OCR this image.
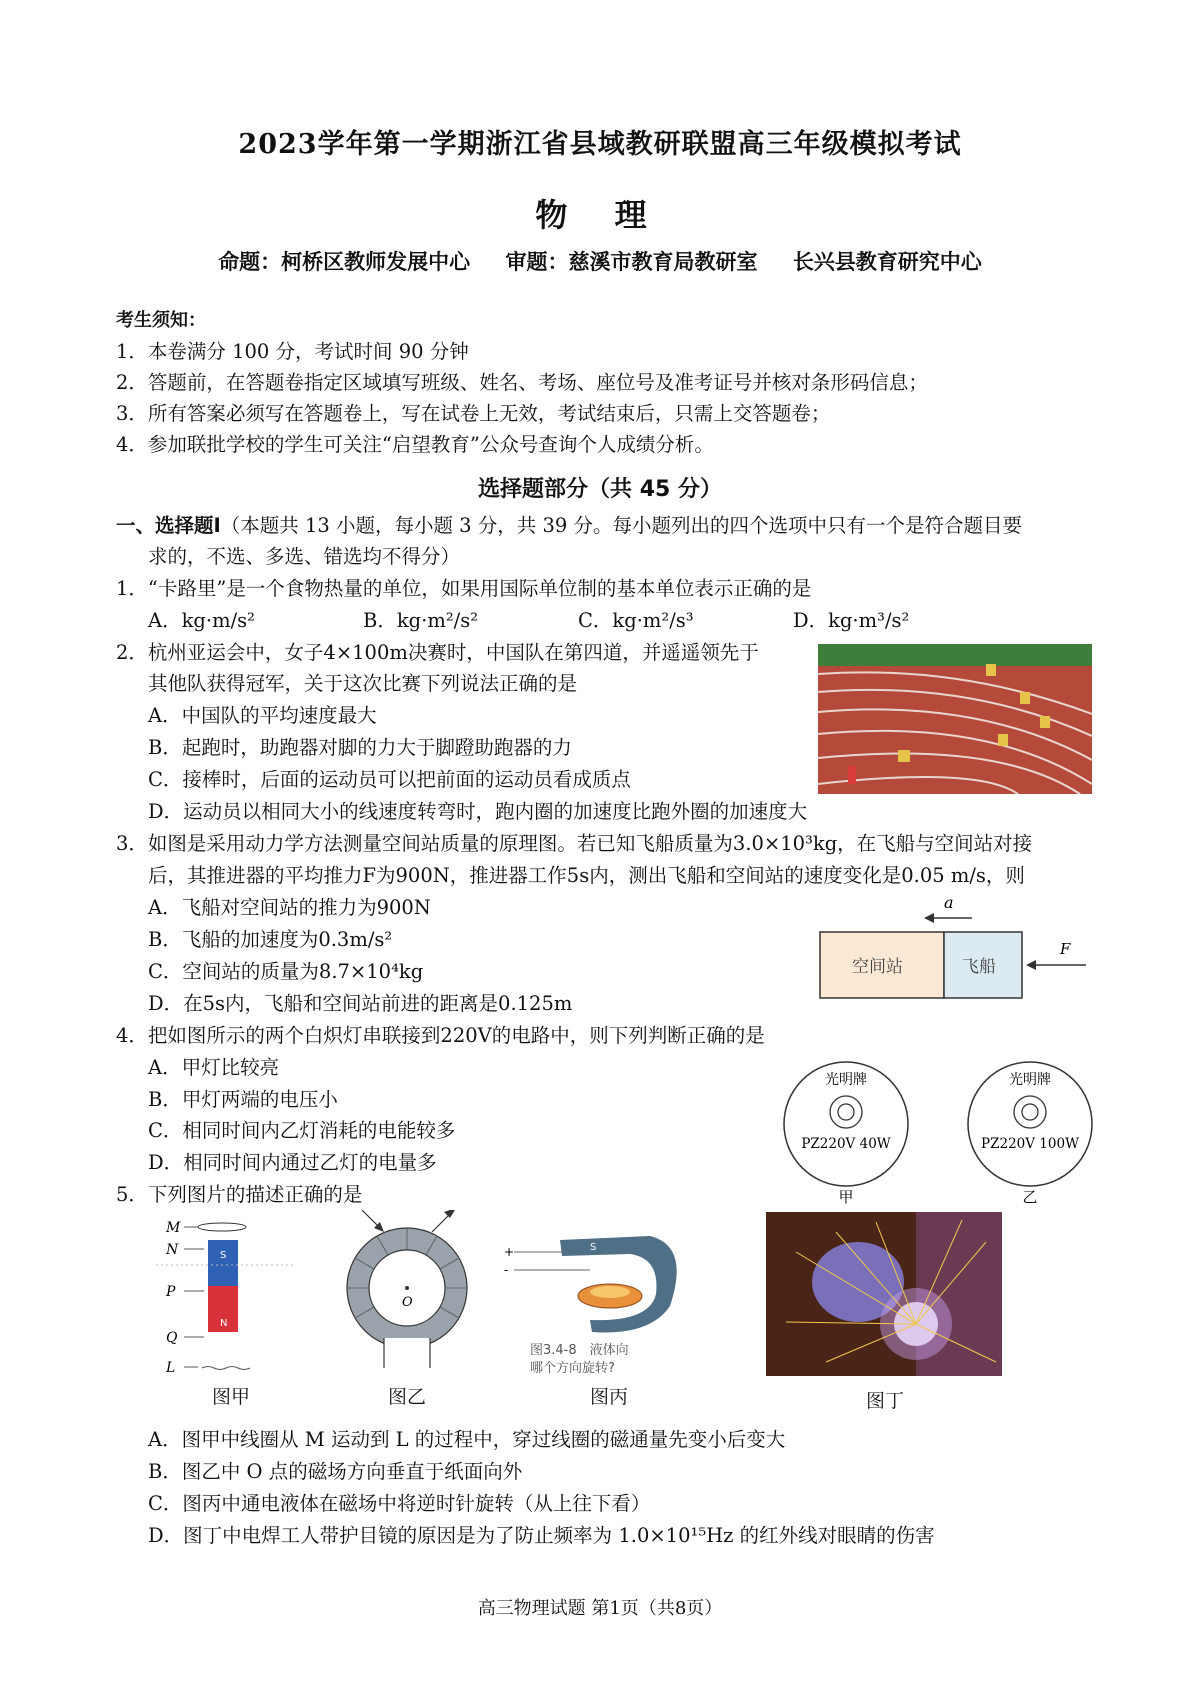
2023学年第一学期浙江省县域教研联盟高三年级模拟考试
物 理
命题：柯桥区教师发展中心 审题：慈溪市教育局教研室 长兴县教育研究中心
考生须知：
1．本卷满分 100 分，考试时间 90 分钟
2．答题前，在答题卷指定区域填写班级、姓名、考场、座位号及准考证号并核对条形码信息；
3．所有答案必须写在答题卷上，写在试卷上无效，考试结束后，只需上交答题卷；
4．参加联批学校的学生可关注“启望教育”公众号查询个人成绩分析。
选择题部分（共 45 分）
一、选择题Ⅰ（本题共 13 小题，每小题 3 分，共 39 分。每小题列出的四个选项中只有一个是符合题目要
求的，不选、多选、错选均不得分）
1．“卡路里”是一个食物热量的单位，如果用国际单位制的基本单位表示正确的是
A．kg·m/s²	B．kg·m²/s²	C．kg·m²/s³	D．kg·m³/s²
2．杭州亚运会中，女子4×100m决赛时，中国队在第四道，并遥遥领先于
其他队获得冠军，关于这次比赛下列说法正确的是
A．中国队的平均速度最大
B．起跑时，助跑器对脚的力大于脚蹬助跑器的力
C．接棒时，后面的运动员可以把前面的运动员看成质点
D．运动员以相同大小的线速度转弯时，跑内圈的加速度比跑外圈的加速度大
3．如图是采用动力学方法测量空间站质量的原理图。若已知飞船质量为3.0×10³kg，在飞船与空间站对接
后，其推进器的平均推力F为900N，推进器工作5s内，测出飞船和空间站的速度变化是0.05 m/s，则
A．飞船对空间站的推力为900N
B．飞船的加速度为0.3m/s²
C．空间站的质量为8.7×10⁴kg
D．在5s内，飞船和空间站前进的距离是0.125m
a
空间站	飞船
F
4．把如图所示的两个白炽灯串联接到220V的电路中，则下列判断正确的是
A．甲灯比较亮
B．甲灯两端的电压小
C．相同时间内乙灯消耗的电能较多
D．相同时间内通过乙灯的电量多
光明牌
PZ220V 40W
甲
光明牌
PZ220V 100W
乙
5．下列图片的描述正确的是
M
N	S
N
P
Q
L
图甲
O
图乙
+
-
S
图3.4-8　液体向
哪个方向旋转?
图丙	图丁
A．图甲中线圈从 M 运动到 L 的过程中，穿过线圈的磁通量先变小后变大
B．图乙中 O 点的磁场方向垂直于纸面向外
C．图丙中通电液体在磁场中将逆时针旋转（从上往下看）
D．图丁中电焊工人带护目镜的原因是为了防止频率为 1.0×10¹⁵Hz 的红外线对眼睛的伤害
高三物理试题 第1页（共8页）
